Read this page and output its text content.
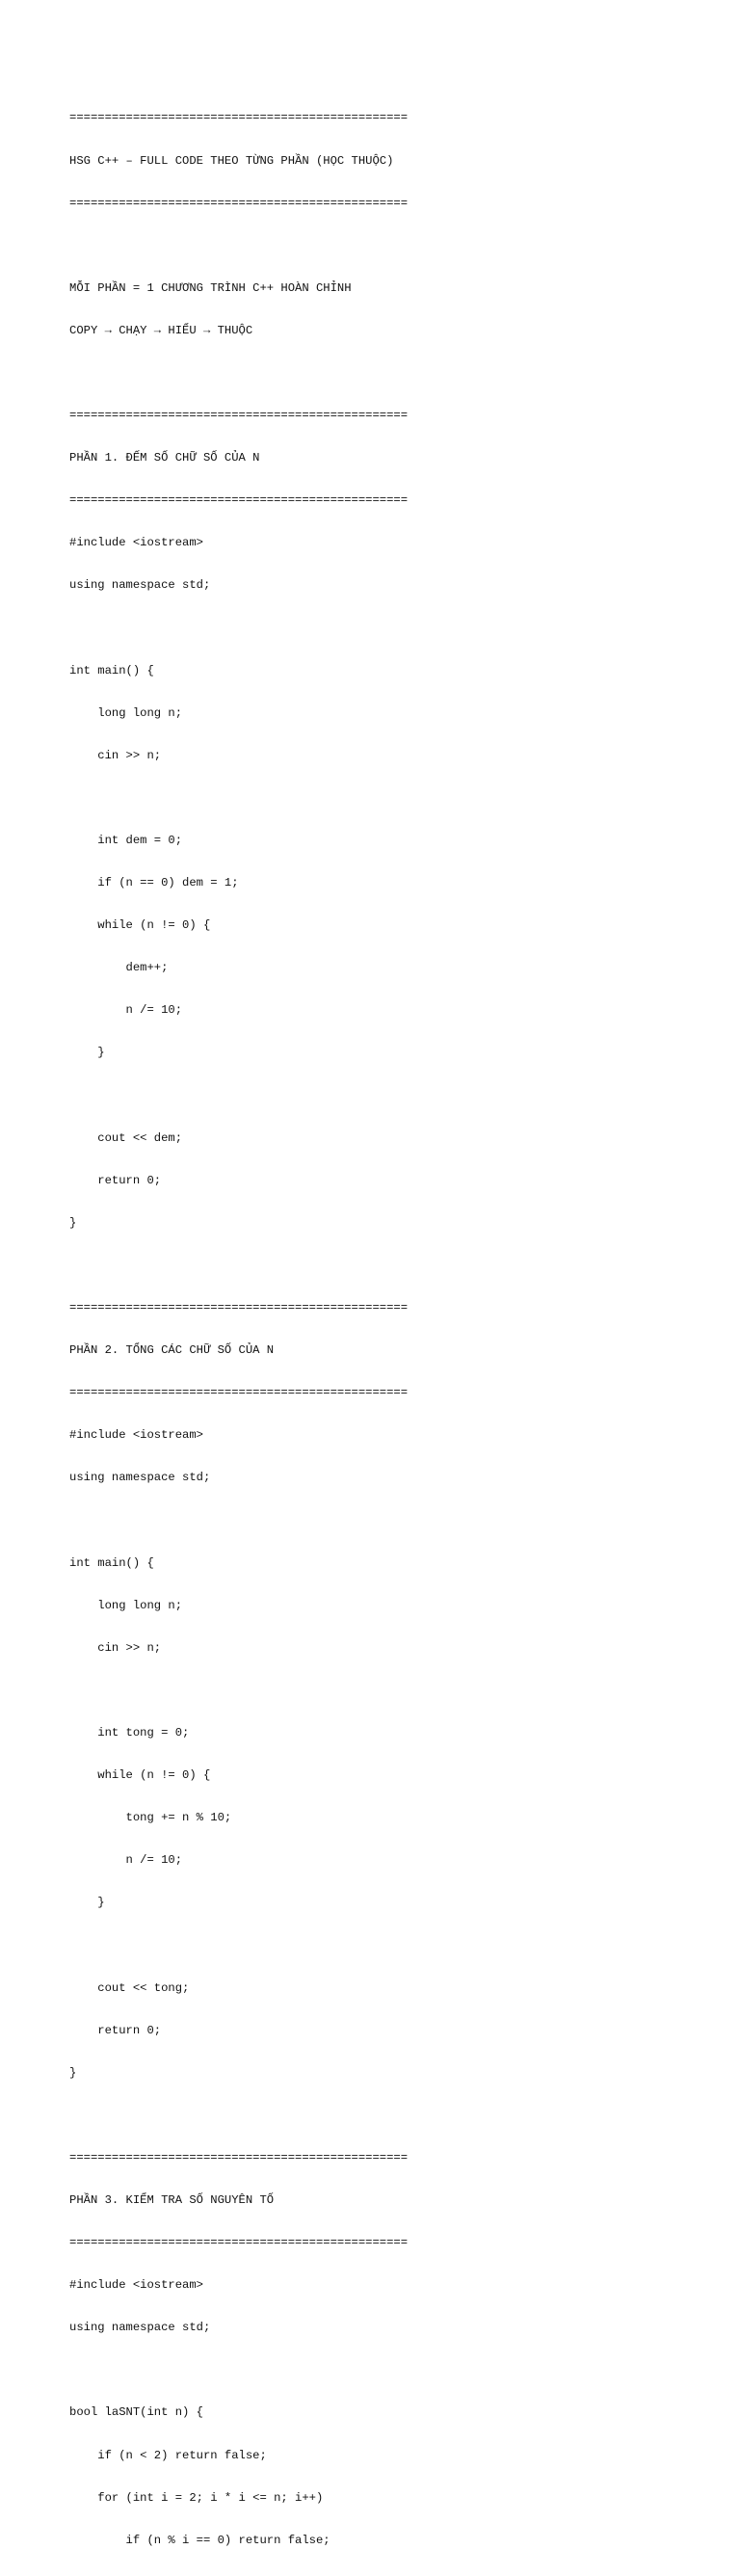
================================================

HSG C++ – FULL CODE THEO TỪNG PHẦN (HỌC THUỘC)

================================================

MỖI PHẦN = 1 CHƯƠNG TRÌNH C++ HOÀN CHỈNH

COPY → CHẠY → HIỂU → THUỘC

================================================

PHẦN 1. ĐẾM SỐ CHỮ SỐ CỦA N

================================================

#include <iostream>

using namespace std;

int main() {

long long n;

cin >> n;

int dem = 0;

if (n == 0) dem = 1;

while (n != 0) {

dem++;

n /= 10;

}

cout << dem;

return 0;

}

================================================

PHẦN 2. TỔNG CÁC CHỮ SỐ CỦA N

================================================

#include <iostream>

using namespace std;

int main() {

long long n;

cin >> n;

int tong = 0;

while (n != 0) {

tong += n % 10;

n /= 10;

}

cout << tong;

return 0;

}

================================================

PHẦN 3. KIỂM TRA SỐ NGUYÊN TỐ

================================================

#include <iostream>

using namespace std;

bool laSNT(int n) {

if (n < 2) return false;

for (int i = 2; i * i <= n; i++)

if (n % i == 0) return false;
